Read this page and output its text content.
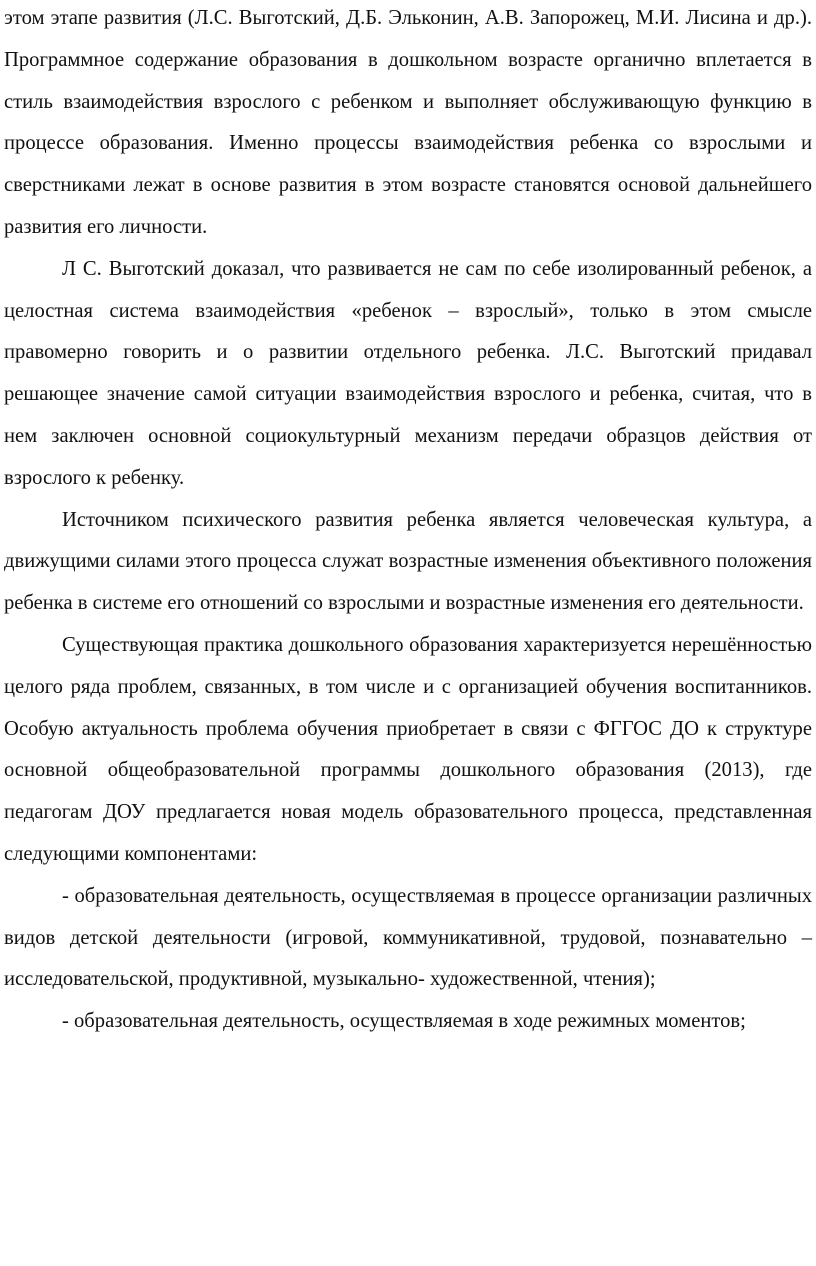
этом этапе развития (Л.С. Выготский, Д.Б. Эльконин, А.В. Запорожец, М.И. Лисина и др.). Программное содержание образования в дошкольном возрасте органично вплетается в стиль взаимодействия взрослого с ребенком и выполняет обслуживающую функцию в процессе образования. Именно процессы взаимодействия ребенка со взрослыми и сверстниками лежат в основе развития в этом возрасте становятся основой дальнейшего развития его личности.

Л С. Выготский доказал, что развивается не сам по себе изолированный ребенок, а целостная система взаимодействия «ребенок – взрослый», только в этом смысле правомерно говорить и о развитии отдельного ребенка. Л.С. Выготский придавал решающее значение самой ситуации взаимодействия взрослого и ребенка, считая, что в нем заключен основной социокультурный механизм передачи образцов действия от взрослого к ребенку.

Источником психического развития ребенка является человеческая культура, а движущими силами этого процесса служат возрастные изменения объективного положения ребенка в системе его отношений со взрослыми и возрастные изменения его деятельности.

Существующая практика дошкольного образования характеризуется нерешённостью целого ряда проблем, связанных, в том числе и с организацией обучения воспитанников. Особую актуальность проблема обучения приобретает в связи с ФГГОС ДО к структуре основной общеобразовательной программы дошкольного образования (2013), где педагогам ДОУ предлагается новая модель образовательного процесса, представленная следующими компонентами:

- образовательная деятельность, осуществляемая в процессе организации различных видов детской деятельности (игровой, коммуникативной, трудовой, познавательно – исследовательской, продуктивной, музыкально- художественной, чтения);

- образовательная деятельность, осуществляемая в ходе режимных моментов;
